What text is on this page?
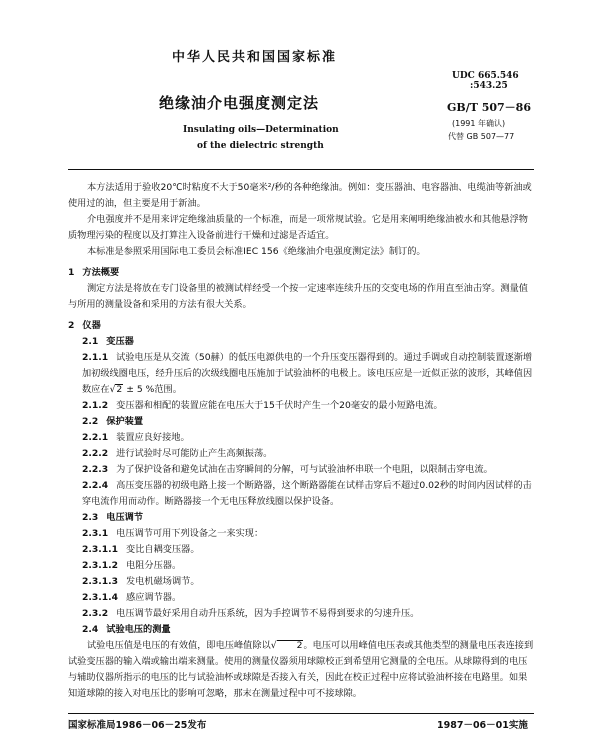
中华人民共和国国家标准
UDC 665.546
:543.25
绝缘油介电强度测定法	GB/T 507－86
(1991 年确认)
代替 GB 507—77
Insulating oils—Determination
of the dielectric strength

本方法适用于验收20℃时粘度不大于50毫米²/秒的各种绝缘油。例如：变压器油、电容器油、电缆油等新油或使用过的油，但主要是用于新油。

介电强度并不是用来评定绝缘油质量的一个标准，而是一项常规试验。它是用来阐明绝缘油被水和其他悬浮物质物理污染的程度以及打算注入设备前进行干燥和过滤是否适宜。

本标准是参照采用国际电工委员会标准IEC 156《绝缘油介电强度测定法》制订的。

1 方法概要

测定方法是将放在专门设备里的被测试样经受一个按一定速率连续升压的交变电场的作用直至油击穿。测量值与所用的测量设备和采用的方法有很大关系。

2 仪器

2.1 变压器

2.1.1 试验电压是从交流（50赫）的低压电源供电的一个升压变压器得到的。通过手调或自动控制装置逐渐增加初级线圈电压，经升压后的次级线圈电压施加于试验油杯的电极上。该电压应是一近似正弦的波形，其峰值因数应在√2 ± 5 %范围。

2.1.2 变压器和相配的装置应能在电压大于15千伏时产生一个20毫安的最小短路电流。

2.2 保护装置

2.2.1 装置应良好接地。

2.2.2 进行试验时尽可能防止产生高频振荡。

2.2.3 为了保护设备和避免试油在击穿瞬间的分解，可与试验油杯串联一个电阻，以限制击穿电流。

2.2.4 高压变压器的初级电路上接一个断路器，这个断路器能在试样击穿后不超过0.02秒的时间内因试样的击穿电流作用而动作。断路器接一个无电压释放线圈以保护设备。

2.3 电压调节

2.3.1 电压调节可用下列设备之一来实现：

2.3.1.1 变比自耦变压器。

2.3.1.2 电阻分压器。

2.3.1.3 发电机磁场调节。

2.3.1.4 感应调节器。

2.3.2 电压调节最好采用自动升压系统，因为手控调节不易得到要求的匀速升压。

2.4 试验电压的测量

试验电压值是电压的有效值，即电压峰值除以√ 2。电压可以用峰值电压表或其他类型的测量电压表连接到试验变压器的输入端或输出端来测量。使用的测量仪器须用球隙校正到希望用它测量的全电压。从球隙得到的电压与辅助仪器所指示的电压的比与试验油杯或球隙是否接入有关，因此在校正过程中应将试验油杯接在电路里。如果知道球隙的接入对电压比的影响可忽略，那末在测量过程中可不接球隙。

国家标准局1986－06－25发布	1987－06－01实施
